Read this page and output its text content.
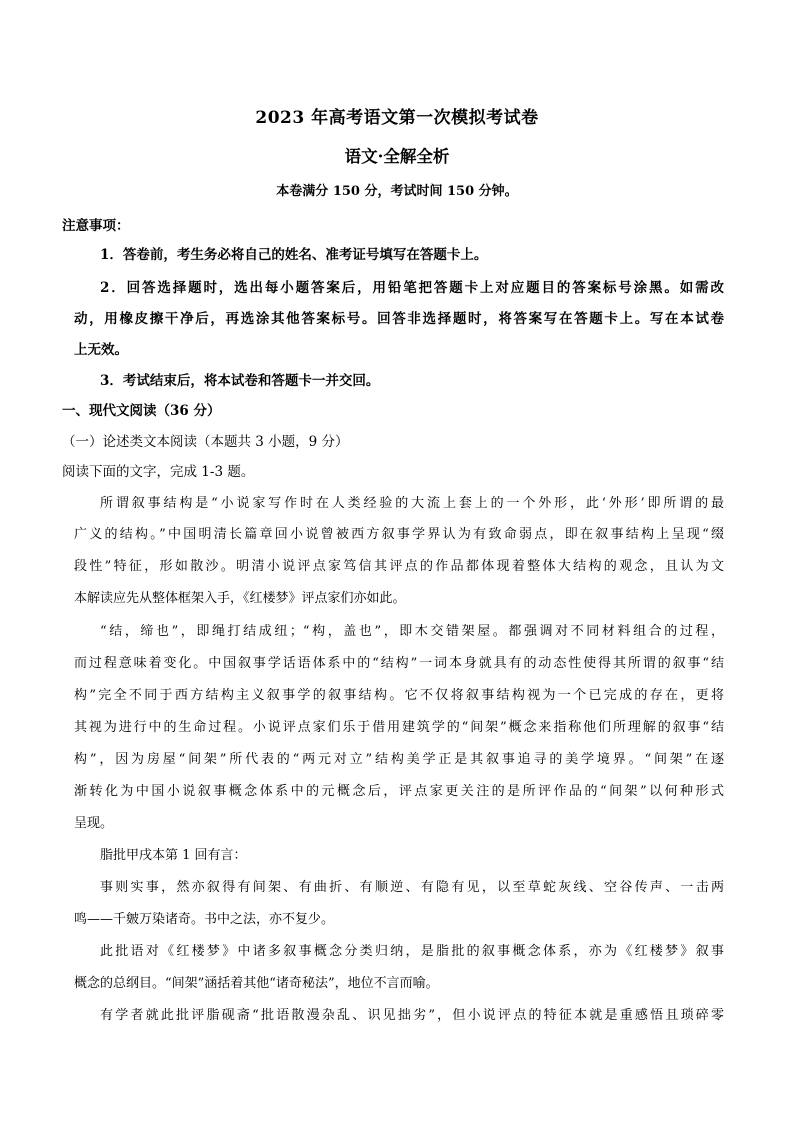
2023 年高考语文第一次模拟考试卷
语文·全解全析
本卷满分 150 分，考试时间 150 分钟。
注意事项：
1．答卷前，考生务必将自己的姓名、准考证号填写在答题卡上。
2．回答选择题时，选出每小题答案后，用铅笔把答题卡上对应题目的答案标号涂黑。如需改
动，用橡皮擦干净后，再选涂其他答案标号。回答非选择题时，将答案写在答题卡上。写在本试卷
上无效。
3．考试结束后，将本试卷和答题卡一并交回。
一、现代文阅读（36 分）
（一）论述类文本阅读（本题共 3 小题，9 分）
阅读下面的文字，完成 1-3 题。
所谓叙事结构是“小说家写作时在人类经验的大流上套上的一个外形，此‘外形’即所谓的最
广义的结构。”中国明清长篇章回小说曾被西方叙事学界认为有致命弱点，即在叙事结构上呈现“缀
段性”特征，形如散沙。明清小说评点家笃信其评点的作品都体现着整体大结构的观念，且认为文
本解读应先从整体框架入手，《红楼梦》评点家们亦如此。
“结，缔也”，即绳打结成纽；“构，盖也”，即木交错架屋。都强调对不同材料组合的过程，
而过程意味着变化。中国叙事学话语体系中的“结构”一词本身就具有的动态性使得其所谓的叙事“结
构”完全不同于西方结构主义叙事学的叙事结构。它不仅将叙事结构视为一个已完成的存在，更将
其视为进行中的生命过程。小说评点家们乐于借用建筑学的“间架”概念来指称他们所理解的叙事“结
构”，因为房屋“间架”所代表的“两元对立”结构美学正是其叙事追寻的美学境界。“间架”在逐
渐转化为中国小说叙事概念体系中的元概念后，评点家更关注的是所评作品的“间架”以何种形式
呈现。
脂批甲戌本第 1 回有言：
事则实事，然亦叙得有间架、有曲折、有顺逆、有隐有见，以至草蛇灰线、空谷传声、一击两
鸣——千皴万染诸奇。书中之法，亦不复少。
此批语对《红楼梦》中诸多叙事概念分类归纳，是脂批的叙事概念体系，亦为《红楼梦》叙事
概念的总纲目。“间架”涵括着其他“诸奇秘法”，地位不言而喻。
有学者就此批评脂砚斋“批语散漫杂乱、识见拙劣”，但小说评点的特征本就是重感悟且琐碎零
